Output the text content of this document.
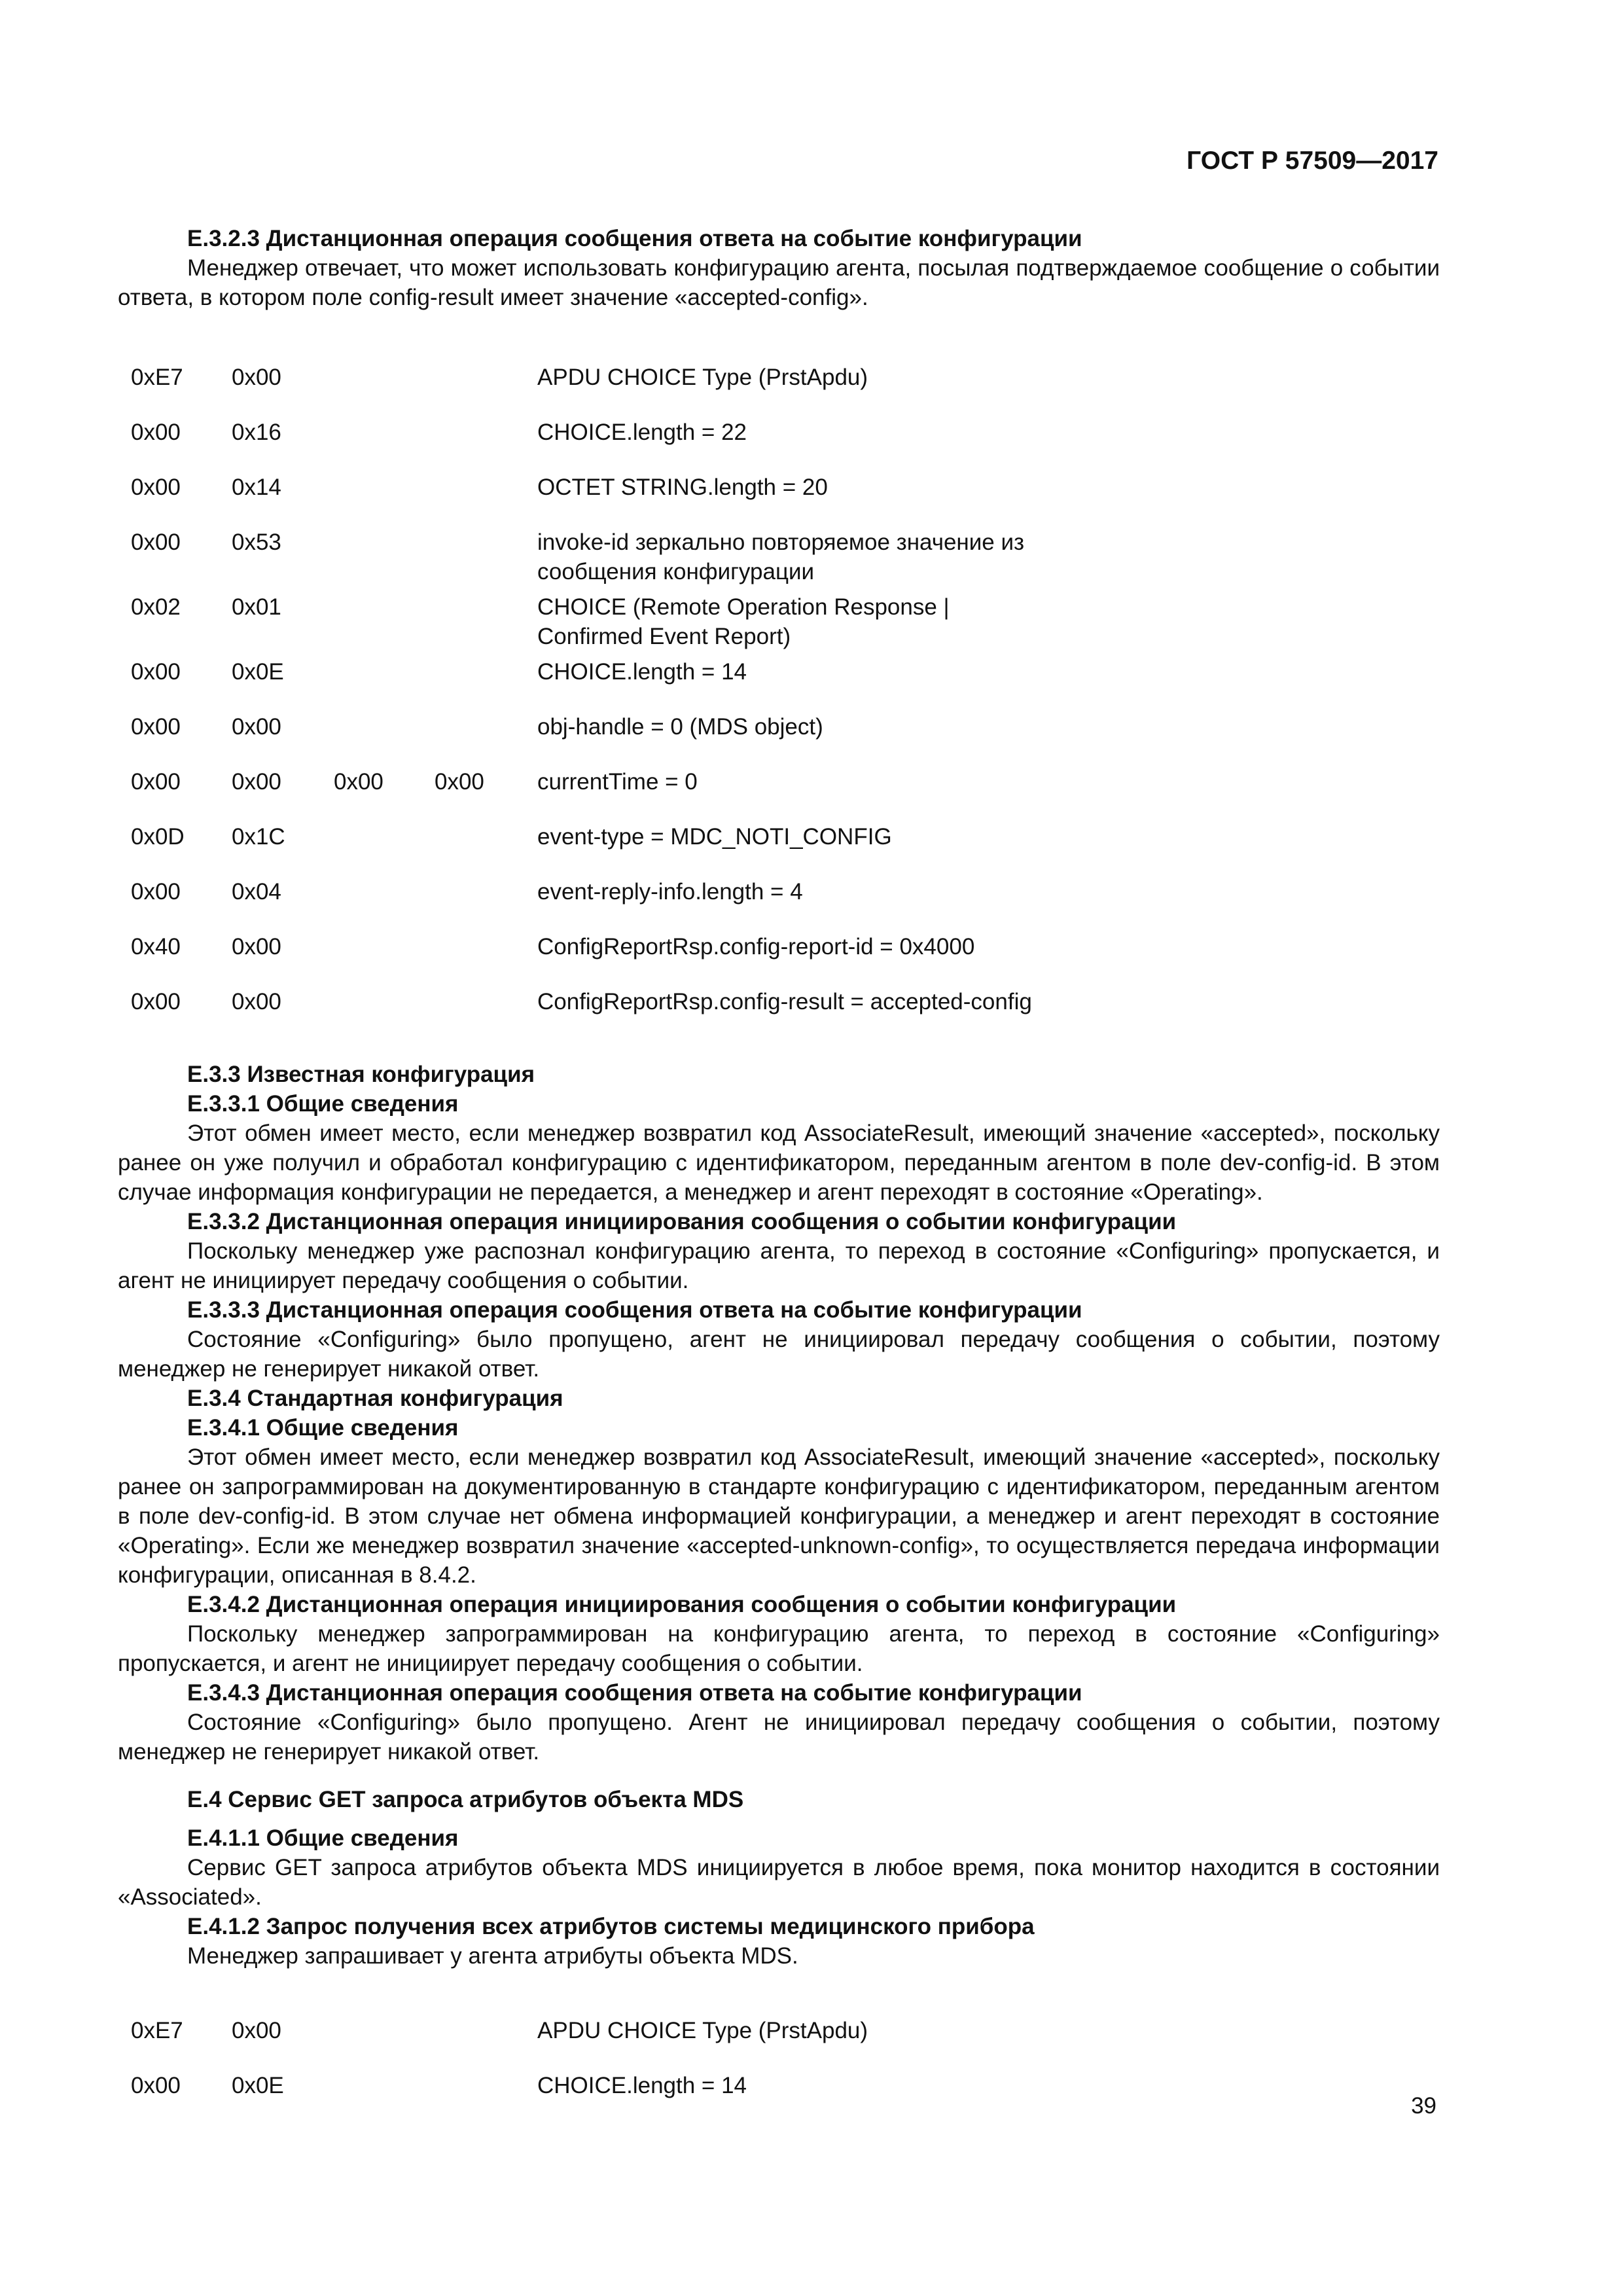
ГОСТ Р 57509—2017
Е.3.2.3 Дистанционная операция сообщения ответа на событие конфигурации
Менеджер отвечает, что может использовать конфигурацию агента, посылая подтверждаемое сообщение о событии ответа, в котором поле config-result имеет значение «accepted-config».
0xE7	0x00			APDU CHOICE Type (PrstApdu)

0x00	0x16			CHOICE.length = 22

0x00	0x14			OCTET STRING.length = 20

0x00	0x53			invoke-id зеркально повторяемое значение из сообщения конфигурации

0x02	0x01			CHOICE (Remote Operation Response | Confirmed Event Report)

0x00	0x0E			CHOICE.length = 14

0x00	0x00			obj-handle = 0 (MDS object)

0x00	0x00	0x00	0x00	currentTime = 0

0x0D	0x1C			event-type = MDC_NOTI_CONFIG

0x00	0x04			event-reply-info.length = 4

0x40	0x00			ConfigReportRsp.config-report-id = 0x4000

0x00	0x00			ConfigReportRsp.config-result = accepted-config
Е.3.3 Известная конфигурация
Е.3.3.1 Общие сведения
Этот обмен имеет место, если менеджер возвратил код AssociateResult, имеющий значение «accepted», поскольку ранее он уже получил и обработал конфигурацию с идентификатором, переданным агентом в поле dev-config-id. В этом случае информация конфигурации не передается, а менеджер и агент переходят в состояние «Operating».
Е.3.3.2 Дистанционная операция инициирования сообщения о событии конфигурации
Поскольку менеджер уже распознал конфигурацию агента, то переход в состояние «Configuring» пропускается, и агент не инициирует передачу сообщения о событии.
Е.3.3.3 Дистанционная операция сообщения ответа на событие конфигурации
Состояние «Configuring» было пропущено, агент не инициировал передачу сообщения о событии, поэтому менеджер не генерирует никакой ответ.
Е.3.4 Стандартная конфигурация
Е.3.4.1 Общие сведения
Этот обмен имеет место, если менеджер возвратил код AssociateResult, имеющий значение «accepted», поскольку ранее он запрограммирован на документированную в стандарте конфигурацию с идентификатором, переданным агентом в поле dev-config-id. В этом случае нет обмена информацией конфигурации, а менеджер и агент переходят в состояние «Operating». Если же менеджер возвратил значение «accepted-unknown-config», то осуществляется передача информации конфигурации, описанная в 8.4.2.
Е.3.4.2 Дистанционная операция инициирования сообщения о событии конфигурации
Поскольку менеджер запрограммирован на конфигурацию агента, то переход в состояние «Configuring» пропускается, и агент не инициирует передачу сообщения о событии.
Е.3.4.3 Дистанционная операция сообщения ответа на событие конфигурации
Состояние «Configuring» было пропущено. Агент не инициировал передачу сообщения о событии, поэтому менеджер не генерирует никакой ответ.
Е.4 Сервис GET запроса атрибутов объекта MDS
Е.4.1.1 Общие сведения
Сервис GET запроса атрибутов объекта MDS инициируется в любое время, пока монитор находится в состоянии «Associated».
Е.4.1.2 Запрос получения всех атрибутов системы медицинского прибора
Менеджер запрашивает у агента атрибуты объекта MDS.
0xE7	0x00			APDU CHOICE Type (PrstApdu)

0x00	0x0E			CHOICE.length = 14
39
